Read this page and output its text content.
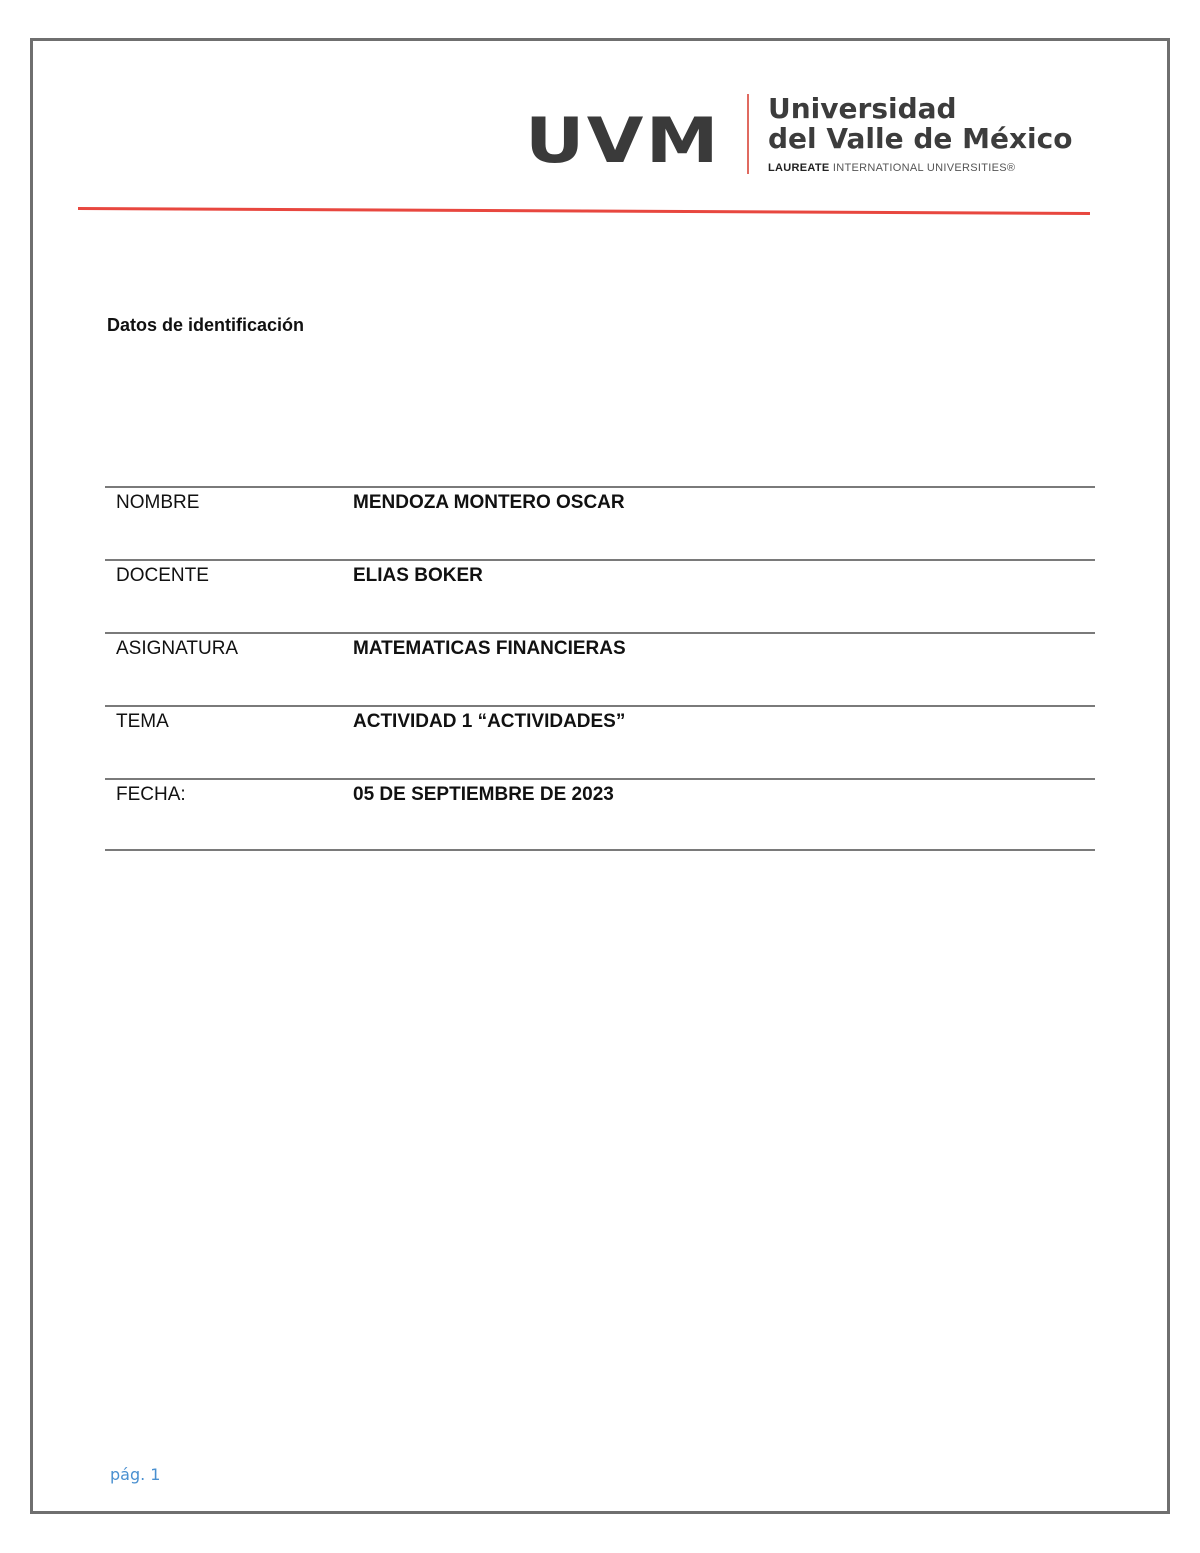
UVM Universidad
del Valle de México
LAUREATE INTERNATIONAL UNIVERSITIES®
Datos de identificación
NOMBRE	MENDOZA MONTERO OSCAR
DOCENTE	ELIAS BOKER
ASIGNATURA	MATEMATICAS FINANCIERAS
TEMA	ACTIVIDAD 1 “ACTIVIDADES”
FECHA:	05 DE SEPTIEMBRE DE 2023
pág. 1
